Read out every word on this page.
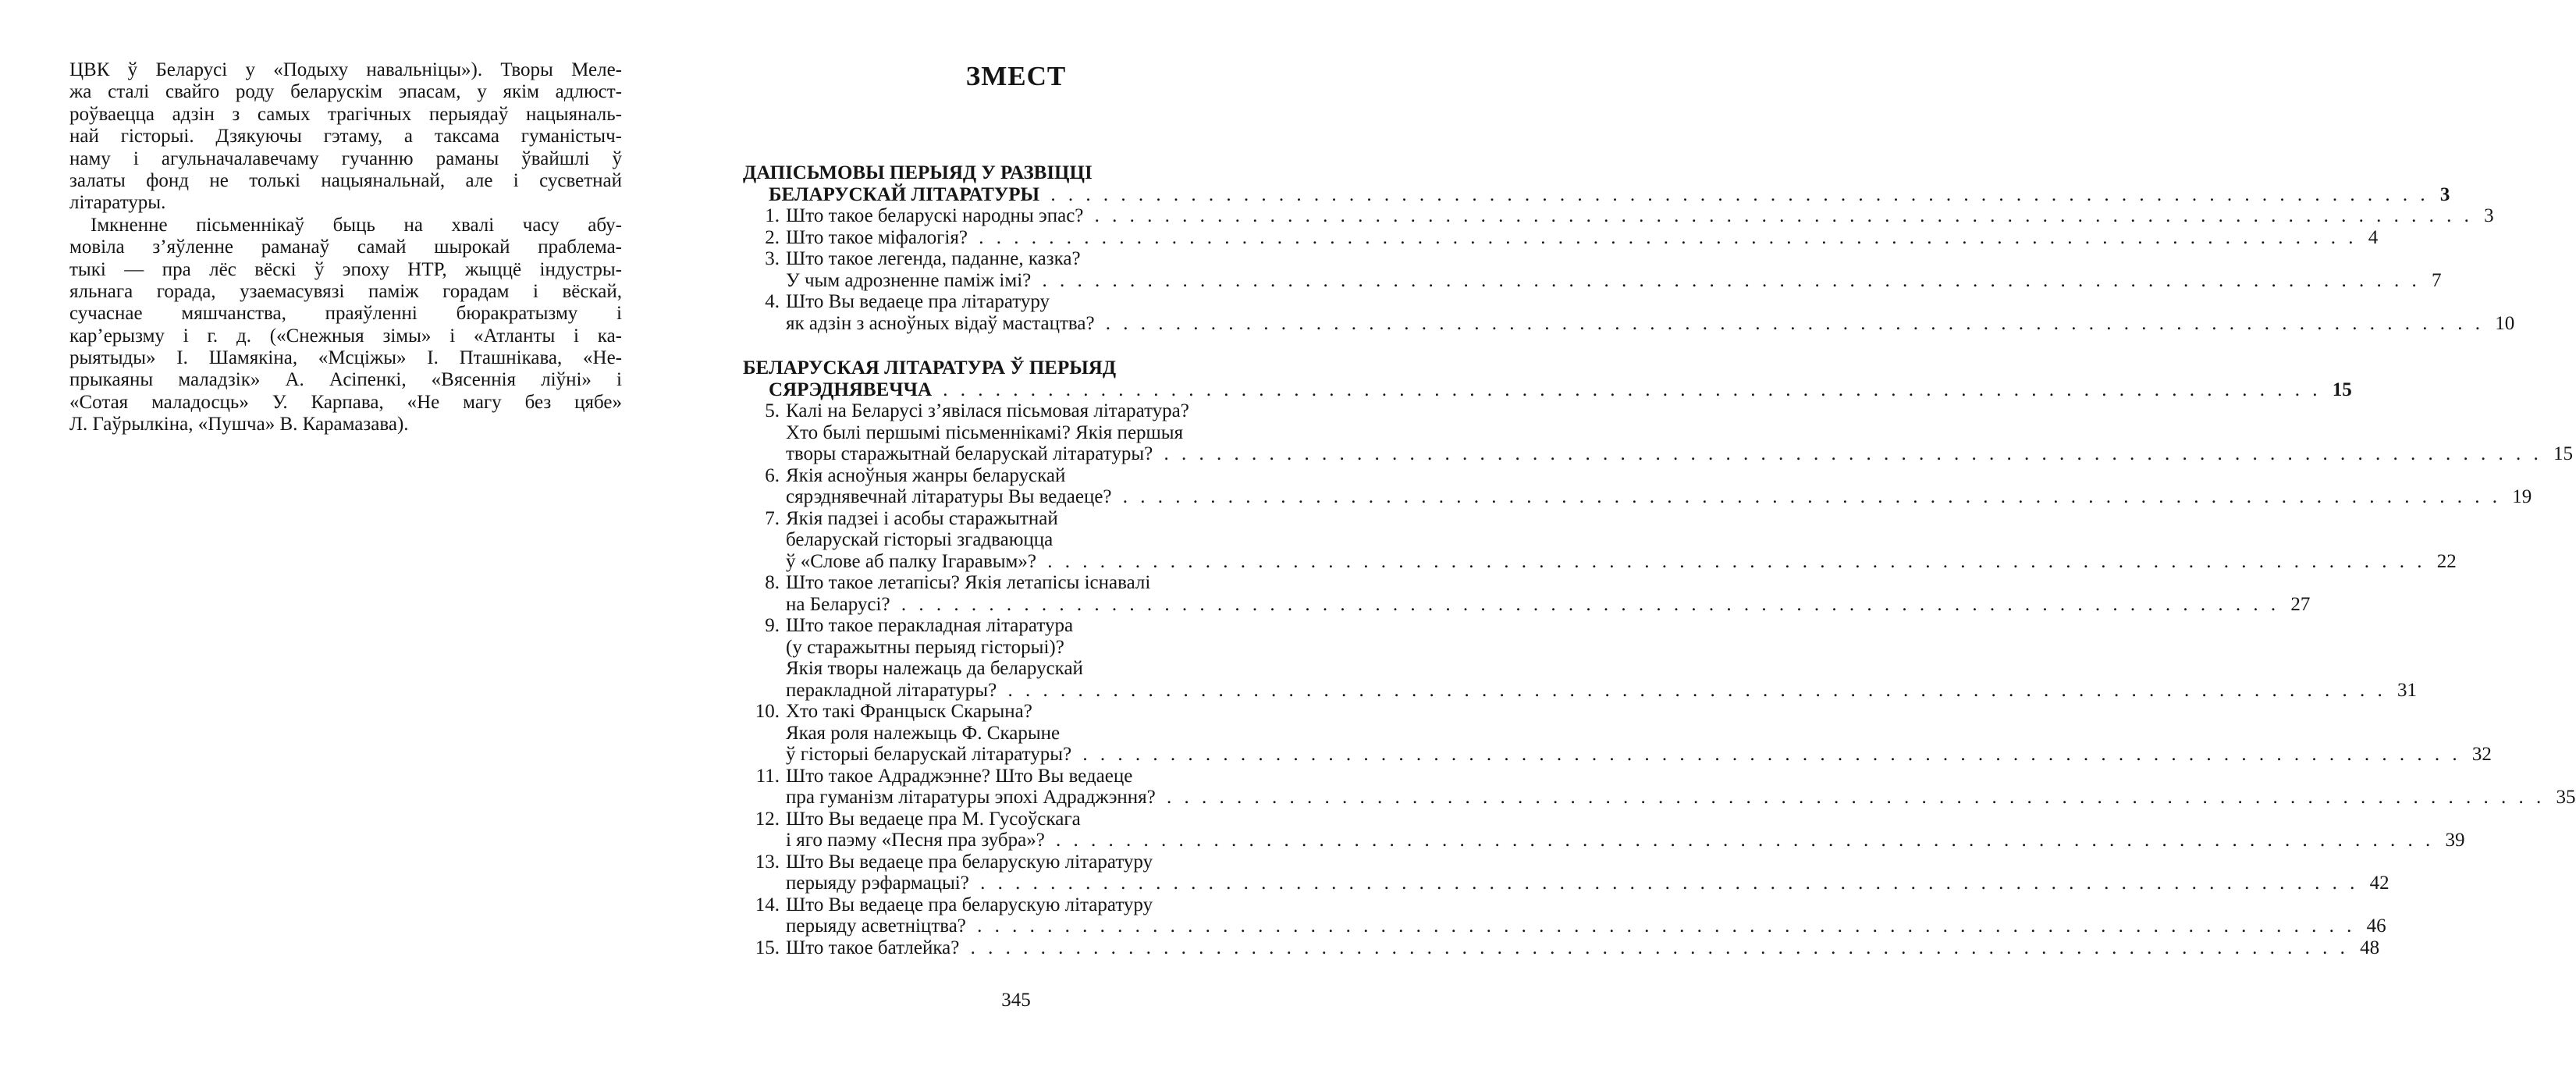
ЦВК ў Беларусі у «Подыху навальніцы»). Творы Меле-
жа сталі свайго роду беларускім эпасам, у якім адлюст-
роўваецца адзін з самых трагічных перыядаў нацыяналь-
най гісторыі. Дзякуючы гэтаму, а таксама гуманістыч-
наму і агульначалавечаму гучанню раманы ўвайшлі ў
залаты фонд не толькі нацыянальнай, але і сусветнай
літаратуры.
Імкненне пісьменнікаў быць на хвалі часу абу-
мовіла з’яўленне раманаў самай шырокай праблема-
тыкі — пра лёс вёскі ў эпоху НТР, жыццё індустры-
яльнага горада, узаемасувязі паміж горадам і вёскай,
сучаснае мяшчанства, праяўленні бюракратызму і
кар’ерызму і г. д. («Снежныя зімы» і «Атланты і ка-
рыятыды» І. Шамякіна, «Мсціжы» І. Пташнікава, «Не-
прыкаяны маладзік» А. Асіпенкі, «Вясеннія ліўні» і
«Сотая маладосць» У. Карпава, «Не магу без цябе»
Л. Гаўрылкіна, «Пушча» В. Карамазава).
ЗМЕСТ
ДАПІСЬМОВЫ ПЕРЫЯД У РАЗВІЦЦІ
БЕЛАРУСКАЙ ЛІТАРАТУРЫ . . .	3
1. Што такое беларускі народны эпас? . . .	3
2. Што такое міфалогія? . . .	4
3. Што такое легенда, паданне, казка?
У чым адрозненне паміж імі? . . .	7
4. Што Вы ведаеце пра літаратуру
як адзін з асноўных відаў мастацтва? . . .	10
БЕЛАРУСКАЯ ЛІТАРАТУРА Ў ПЕРЫЯД
СЯРЭДНЯВЕЧЧА . . .	15
5. Калі на Беларусі з’явілася пісьмовая літаратура?
Хто былі першымі пісьменнікамі? Якія першыя
творы старажытнай беларускай літаратуры? . . .	15
6. Якія асноўныя жанры беларускай
сярэднявечнай літаратуры Вы ведаеце? . . .	19
7. Якія падзеі і асобы старажытнай
беларускай гісторыі згадваюцца
ў «Слове аб палку Ігаравым»? . . .	22
8. Што такое летапісы? Якія летапісы існавалі
на Беларусі? . . .	27
9. Што такое перакладная літаратура
(у старажытны перыяд гісторыі)?
Якія творы належаць да беларускай
перакладной літаратуры? . . .	31
10. Хто такі Францыск Скарына?
Якая роля належыць Ф. Скарыне
ў гісторыі беларускай літаратуры? . . .	32
11. Што такое Адраджэнне? Што Вы ведаеце
пра гуманізм літаратуры эпохі Адраджэння? . . .	35
12. Што Вы ведаеце пра М. Гусоўскага
і яго паэму «Песня пра зубра»? . . .	39
13. Што Вы ведаеце пра беларускую літаратуру
перыяду рэфармацыі? . . .	42
14. Што Вы ведаеце пра беларускую літаратуру
перыяду асветніцтва? . . .	46
15. Што такое батлейка? . . .	48
345
